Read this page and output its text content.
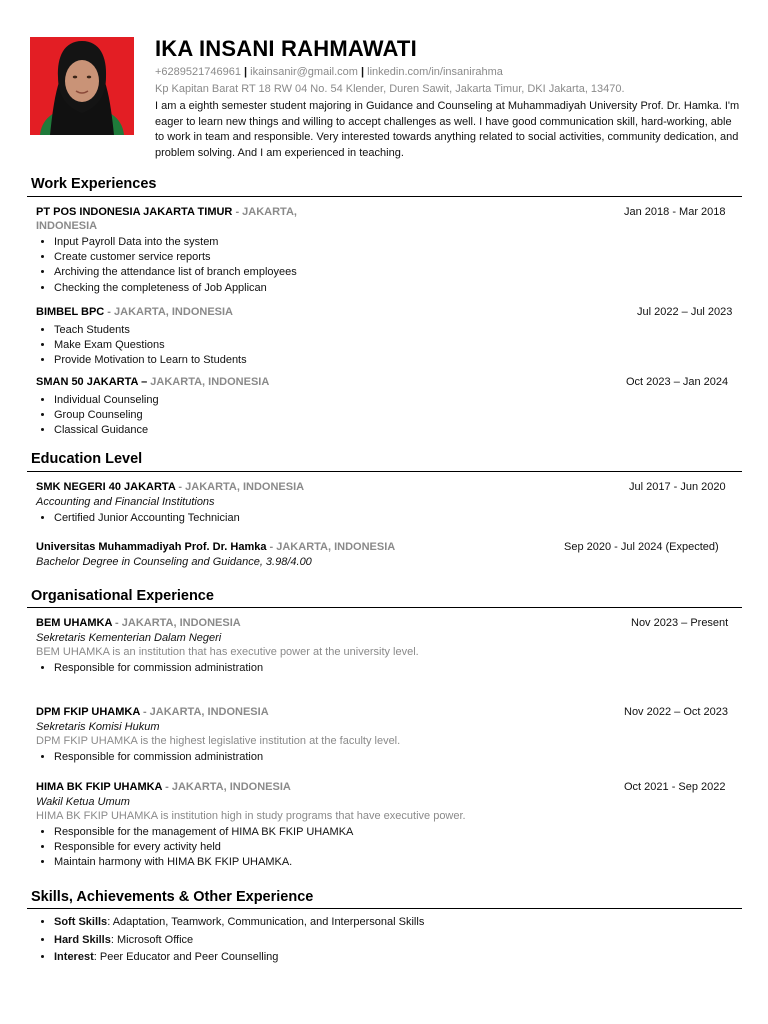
IKA INSANI RAHMAWATI
+6289521746961 | ikainsanir@gmail.com | linkedin.com/in/insanirahma
Kp Kapitan Barat RT 18 RW 04 No. 54 Klender, Duren Sawit, Jakarta Timur, DKI Jakarta, 13470.
I am a eighth semester student majoring in Guidance and Counseling at Muhammadiyah University Prof. Dr. Hamka. I'm eager to learn new things and willing to accept challenges as well. I have good communication skill, hard-working, able to work in team and responsible. Very interested towards anything related to social activities, community dedication, and problem solving. And I am experienced in teaching.
Work Experiences
PT POS INDONESIA JAKARTA TIMUR - JAKARTA,	Jan 2018 - Mar 2018
INDONESIA
• Input Payroll Data into the system
• Create customer service reports
• Archiving the attendance list of branch employees
• Checking the completeness of Job Applican
BIMBEL BPC - JAKARTA, INDONESIA	Jul 2022 – Jul 2023
• Teach Students
• Make Exam Questions
• Provide Motivation to Learn to Students
SMAN 50 JAKARTA – JAKARTA, INDONESIA	Oct 2023 – Jan 2024
• Individual Counseling
• Group Counseling
• Classical Guidance
Education Level
SMK NEGERI 40 JAKARTA - JAKARTA, INDONESIA	Jul 2017 - Jun 2020
Accounting and Financial Institutions
• Certified Junior Accounting Technician
Universitas Muhammadiyah Prof. Dr. Hamka - JAKARTA, INDONESIA	Sep 2020 - Jul 2024 (Expected)
Bachelor Degree in Counseling and Guidance, 3.98/4.00
Organisational Experience
BEM UHAMKA - JAKARTA, INDONESIA	Nov 2023 – Present
Sekretaris Kementerian Dalam Negeri
BEM UHAMKA is an institution that has executive power at the university level.
• Responsible for commission administration
DPM FKIP UHAMKA - JAKARTA, INDONESIA	Nov 2022 – Oct 2023
Sekretaris Komisi Hukum
DPM FKIP UHAMKA is the highest legislative institution at the faculty level.
• Responsible for commission administration
HIMA BK FKIP UHAMKA - JAKARTA, INDONESIA	Oct 2021 - Sep 2022
Wakil Ketua Umum
HIMA BK FKIP UHAMKA is institution high in study programs that have executive power.
• Responsible for the management of HIMA BK FKIP UHAMKA
• Responsible for every activity held
• Maintain harmony with HIMA BK FKIP UHAMKA.
Skills, Achievements & Other Experience
• Soft Skills: Adaptation, Teamwork, Communication, and Interpersonal Skills
• Hard Skills: Microsoft Office
• Interest: Peer Educator and Peer Counselling
